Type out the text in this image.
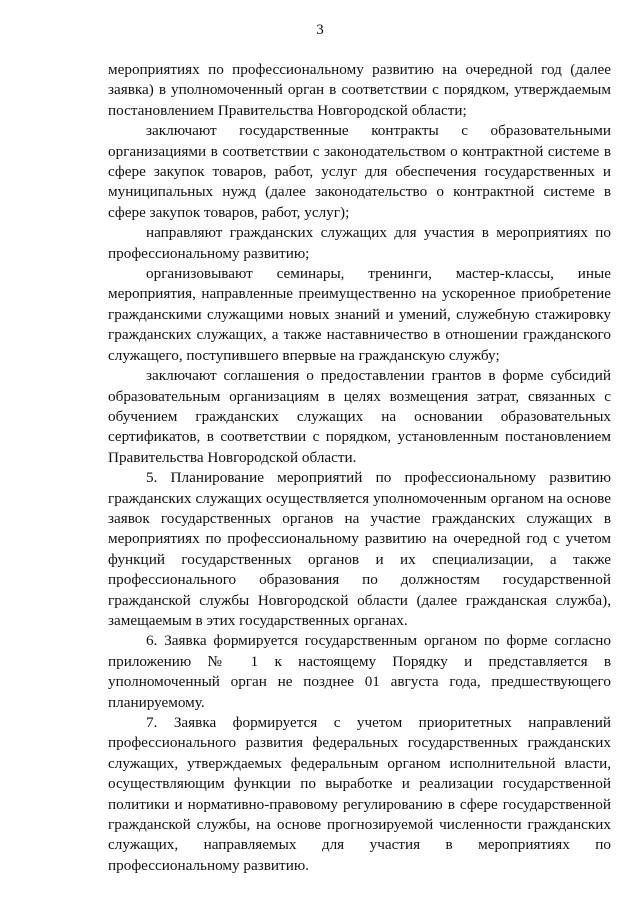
3

мероприятиях по профессиональному развитию на очередной год (далее заявка) в уполномоченный орган в соответствии с порядком, утверждаемым постановлением Правительства Новгородской области;

заключают государственные контракты с образовательными организациями в соответствии с законодательством о контрактной системе в сфере закупок товаров, работ, услуг для обеспечения государственных и муниципальных нужд (далее законодательство о контрактной системе в сфере закупок товаров, работ, услуг);

направляют гражданских служащих для участия в мероприятиях по профессиональному развитию;

организовывают семинары, тренинги, мастер-классы, иные мероприятия, направленные преимущественно на ускоренное приобретение гражданскими служащими новых знаний и умений, служебную стажировку гражданских служащих, а также наставничество в отношении гражданского служащего, поступившего впервые на гражданскую службу;

заключают соглашения о предоставлении грантов в форме субсидий образовательным организациям в целях возмещения затрат, связанных с обучением гражданских служащих на основании образовательных сертификатов, в соответствии с порядком, установленным постановлением Правительства Новгородской области.

5. Планирование мероприятий по профессиональному развитию гражданских служащих осуществляется уполномоченным органом на основе заявок государственных органов на участие гражданских служащих в мероприятиях по профессиональному развитию на очередной год с учетом функций государственных органов и их специализации, а также профессионального образования по должностям государственной гражданской службы Новгородской области (далее гражданская служба), замещаемым в этих государственных органах.

6. Заявка формируется государственным органом по форме согласно приложению № 1 к настоящему Порядку и представляется в уполномоченный орган не позднее 01 августа года, предшествующего планируемому.

7. Заявка формируется с учетом приоритетных направлений профессионального развития федеральных государственных гражданских служащих, утверждаемых федеральным органом исполнительной власти, осуществляющим функции по выработке и реализации государственной политики и нормативно-правовому регулированию в сфере государственной гражданской службы, на основе прогнозируемой численности гражданских служащих, направляемых для участия в мероприятиях по профессиональному развитию.
